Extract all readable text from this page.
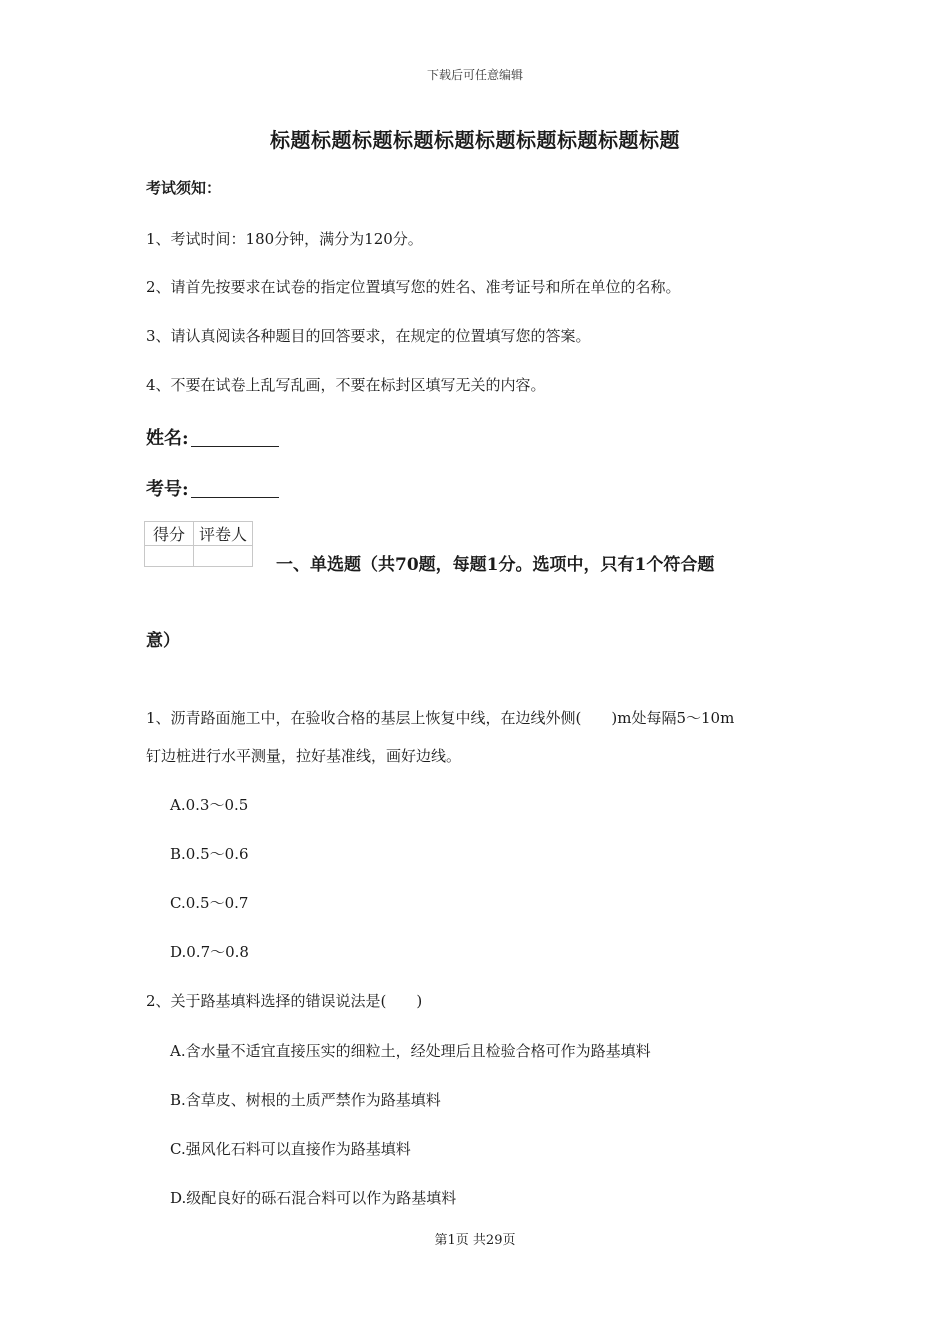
下载后可任意编辑
标题标题标题标题标题标题标题标题标题标题
考试须知：
1、考试时间：180分钟，满分为120分。
2、请首先按要求在试卷的指定位置填写您的姓名、准考证号和所在单位的名称。
3、请认真阅读各种题目的回答要求，在规定的位置填写您的答案。
4、不要在试卷上乱写乱画，不要在标封区填写无关的内容。
姓名:
考号:
得分	评卷人

一、单选题（共70题，每题1分。选项中，只有1个符合题
意）
1、沥青路面施工中，在验收合格的基层上恢复中线，在边线外侧(　　)m处每隔5～10m
钉边桩进行水平测量，拉好基准线，画好边线。
A.0.3～0.5
B.0.5～0.6
C.0.5～0.7
D.0.7～0.8
2、关于路基填料选择的错误说法是(　　)
A.含水量不适宜直接压实的细粒土，经处理后且检验合格可作为路基填料
B.含草皮、树根的土质严禁作为路基填料
C.强风化石料可以直接作为路基填料
D.级配良好的砾石混合料可以作为路基填料
第1页 共29页
